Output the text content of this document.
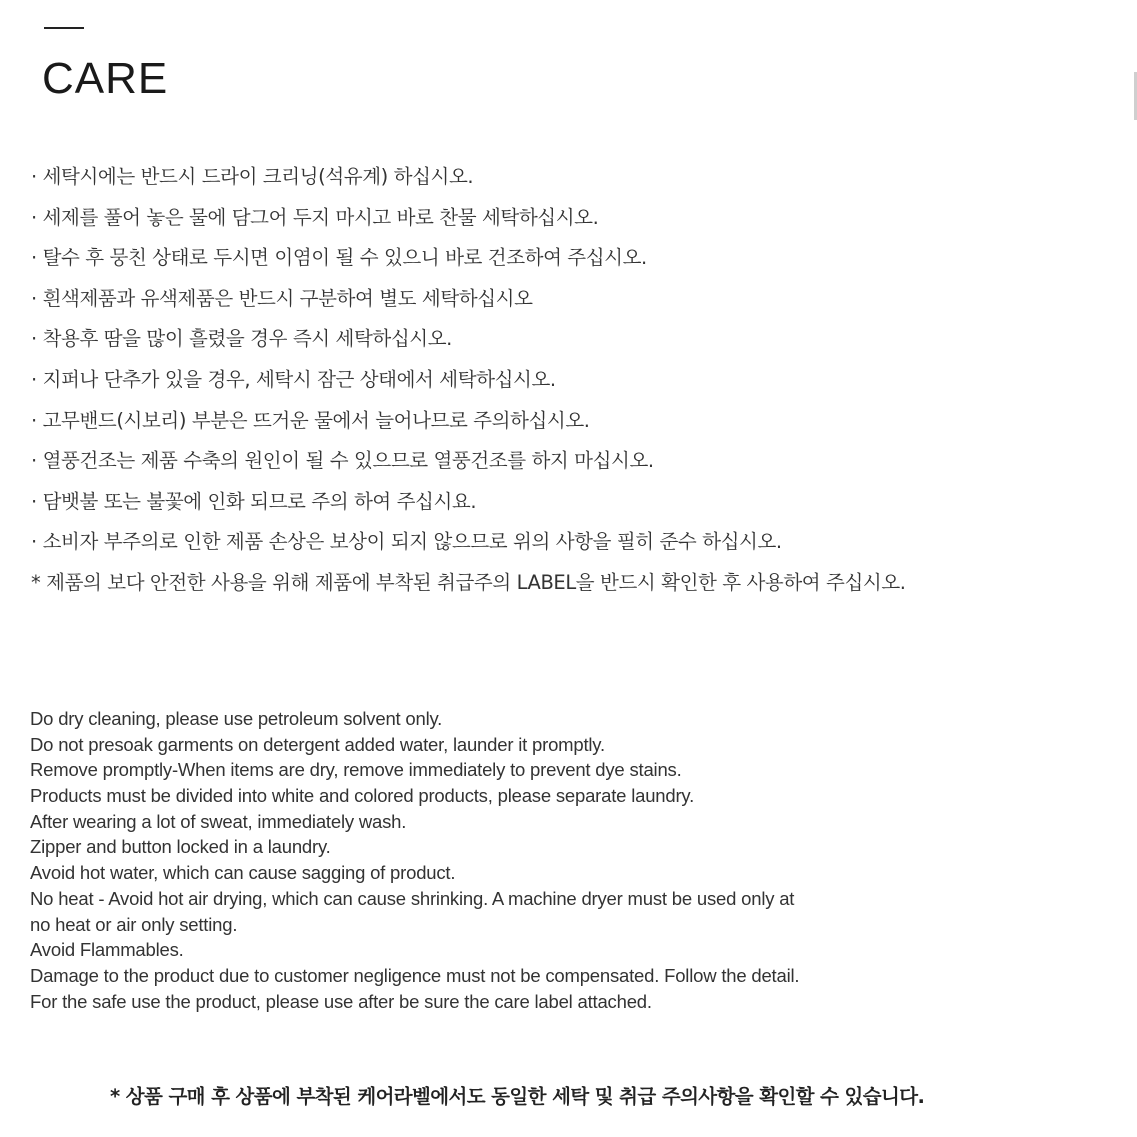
CARE
· 세탁시에는 반드시 드라이 크리닝(석유계) 하십시오.
· 세제를 풀어 놓은 물에 담그어 두지 마시고 바로 찬물 세탁하십시오.
· 탈수 후 뭉친 상태로 두시면 이염이 될 수 있으니 바로 건조하여 주십시오.
· 흰색제품과 유색제품은 반드시 구분하여 별도 세탁하십시오
· 착용후 땀을 많이 흘렸을 경우 즉시 세탁하십시오.
· 지퍼나 단추가 있을 경우, 세탁시 잠근 상태에서 세탁하십시오.
· 고무밴드(시보리) 부분은 뜨거운 물에서 늘어나므로 주의하십시오.
· 열풍건조는 제품 수축의 원인이 될 수 있으므로 열풍건조를 하지 마십시오.
· 담뱃불 또는 불꽃에 인화 되므로 주의 하여 주십시요.
· 소비자 부주의로 인한 제품 손상은 보상이 되지 않으므로 위의 사항을 필히 준수 하십시오.
* 제품의 보다 안전한 사용을 위해 제품에 부착된 취급주의 LABEL을 반드시 확인한 후 사용하여 주십시오.
Do dry cleaning, please use petroleum solvent only.
Do not presoak garments on detergent added water, launder it promptly.
Remove promptly-When items are dry, remove immediately to prevent dye stains.
Products must be divided into white and colored products, please separate laundry.
After wearing a lot of sweat, immediately wash.
Zipper and button locked in a laundry.
Avoid hot water, which can cause sagging of product.
No heat - Avoid hot air drying, which can cause shrinking. A machine dryer must be used only at
no heat or air only setting.
Avoid Flammables.
Damage to the product due to customer negligence must not be compensated. Follow the detail.
For the safe use the product, please use after be sure the care label attached.

* 상품 구매 후 상품에 부착된 케어라벨에서도 동일한 세탁 및 취급 주의사항을 확인할 수 있습니다.
